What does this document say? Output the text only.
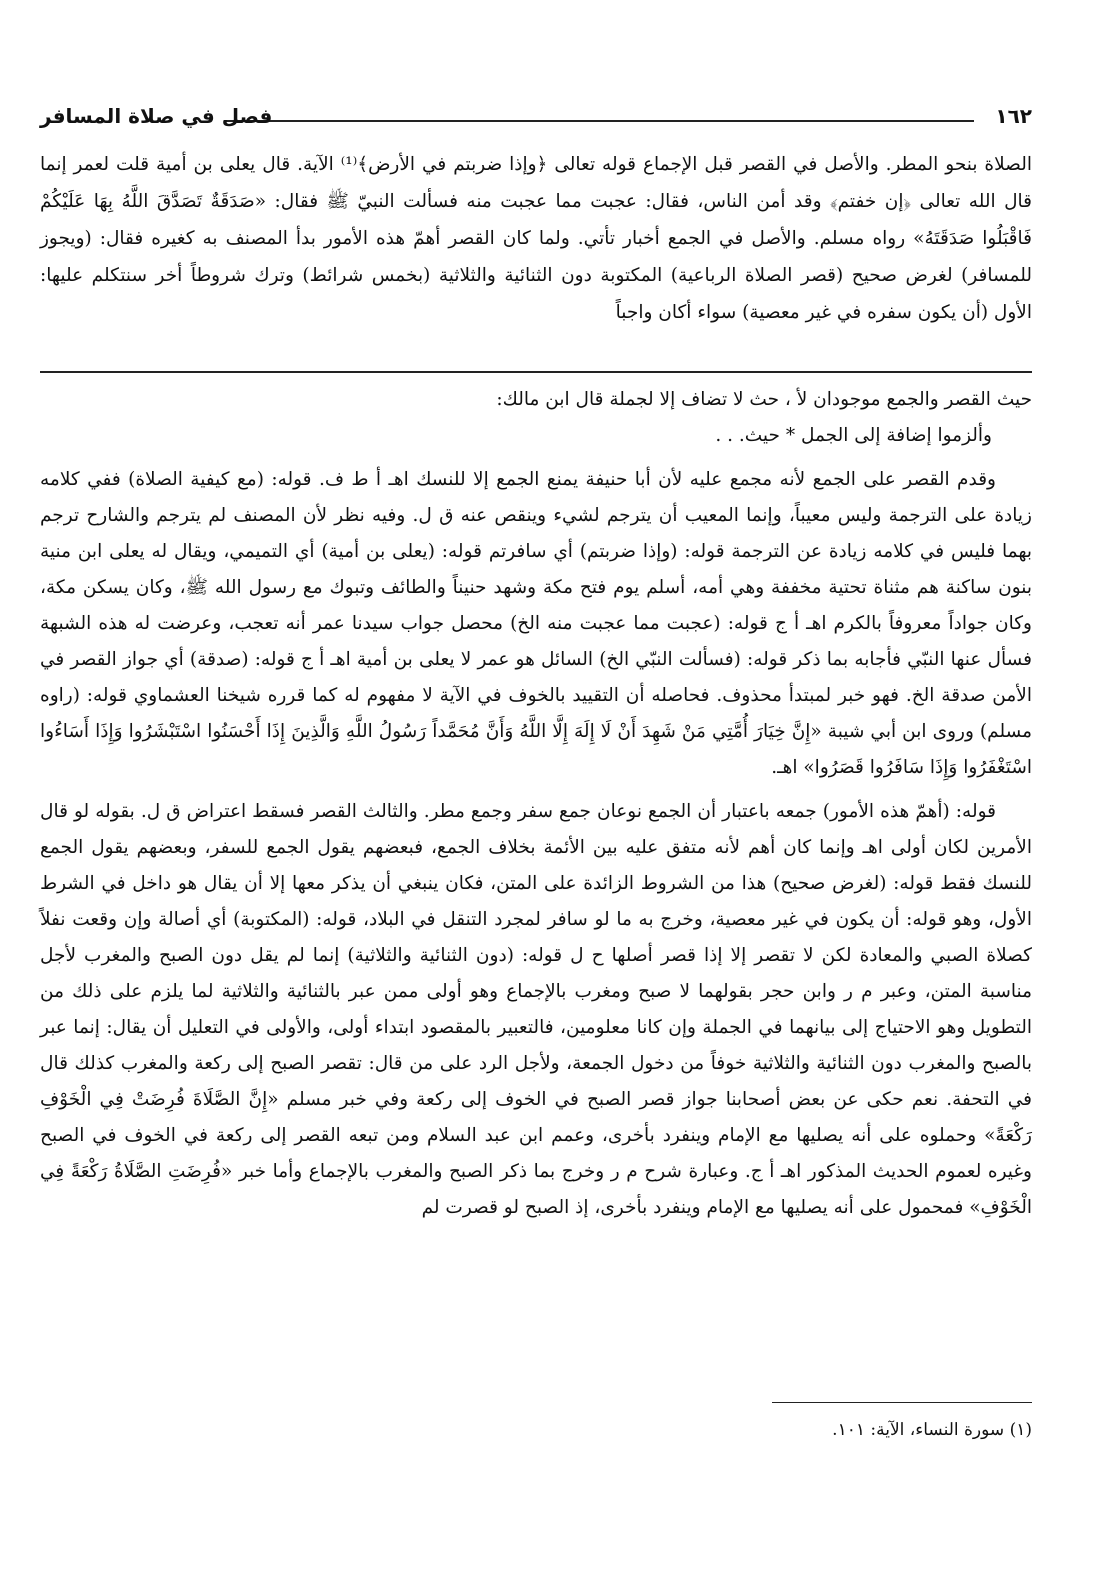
١٦٢
فصل في صلاة المسافر
الصلاة بنحو المطر. والأصل في القصر قبل الإجماع قوله تعالى ﴿وإذا ضربتم في الأرض﴾⁽¹⁾ الآية. قال يعلى بن أمية قلت لعمر إنما قال الله تعالى ﴿إن خفتم﴾ وقد أمن الناس، فقال: عجبت مما عجبت منه فسألت النبيّ ﷺ فقال: «صَدَقَةٌ تَصَدَّقَ اللَّهُ بِهَا عَلَيْكُمْ فَاقْبَلُوا صَدَقَتَهُ» رواه مسلم. والأصل في الجمع أخبار تأتي. ولما كان القصر أهمّ هذه الأمور بدأ المصنف به كغيره فقال: (ويجوز للمسافر) لغرض صحيح (قصر الصلاة الرباعية) المكتوبة دون الثنائية والثلاثية (بخمس شرائط) وترك شروطاً أخر سنتكلم عليها: الأول (أن يكون سفره في غير معصية) سواء أكان واجباً

حيث القصر والجمع موجودان لأ ، حث لا تضاف إلا لجملة قال ابن مالك:

وألزموا إضافة إلى الجمل * حيث. . .

وقدم القصر على الجمع لأنه مجمع عليه لأن أبا حنيفة يمنع الجمع إلا للنسك اهـ أ ط ف. قوله: (مع كيفية الصلاة) ففي كلامه زيادة على الترجمة وليس معيباً، وإنما المعيب أن يترجم لشيء وينقص عنه ق ل. وفيه نظر لأن المصنف لم يترجم والشارح ترجم بهما فليس في كلامه زيادة عن الترجمة قوله: (وإذا ضربتم) أي سافرتم قوله: (يعلى بن أمية) أي التميمي، ويقال له يعلى ابن منية بنون ساكنة هم مثناة تحتية مخففة وهي أمه، أسلم يوم فتح مكة وشهد حنيناً والطائف وتبوك مع رسول الله ﷺ، وكان يسكن مكة، وكان جواداً معروفاً بالكرم اهـ أ ج قوله: (عجبت مما عجبت منه الخ) محصل جواب سيدنا عمر أنه تعجب، وعرضت له هذه الشبهة فسأل عنها النبّي فأجابه بما ذكر قوله: (فسألت النبّي الخ) السائل هو عمر لا يعلى بن أمية اهـ أ ج قوله: (صدقة) أي جواز القصر في الأمن صدقة الخ. فهو خبر لمبتدأ محذوف. فحاصله أن التقييد بالخوف في الآية لا مفهوم له كما قرره شيخنا العشماوي قوله: (راوه مسلم) وروى ابن أبي شيبة «إِنَّ خِيَارَ أُمَّتِي مَنْ شَهِدَ أَنْ لَا إِلَهَ إِلَّا اللَّهُ وَأَنَّ مُحَمَّداً رَسُولُ اللَّهِ وَالَّذِينَ إِذَا أَحْسَنُوا اسْتَبْشَرُوا وَإِذَا أَسَاءُوا اسْتَغْفَرُوا وَإِذَا سَافَرُوا قَصَرُوا» اهـ.

قوله: (أهمّ هذه الأمور) جمعه باعتبار أن الجمع نوعان جمع سفر وجمع مطر. والثالث القصر فسقط اعتراض ق ل. بقوله لو قال الأمرين لكان أولى اهـ وإنما كان أهم لأنه متفق عليه بين الأئمة بخلاف الجمع، فبعضهم يقول الجمع للسفر، وبعضهم يقول الجمع للنسك فقط قوله: (لغرض صحيح) هذا من الشروط الزائدة على المتن، فكان ينبغي أن يذكر معها إلا أن يقال هو داخل في الشرط الأول، وهو قوله: أن يكون في غير معصية، وخرج به ما لو سافر لمجرد التنقل في البلاد، قوله: (المكتوبة) أي أصالة وإن وقعت نفلاً كصلاة الصبي والمعادة لكن لا تقصر إلا إذا قصر أصلها ح ل قوله: (دون الثنائية والثلاثية) إنما لم يقل دون الصبح والمغرب لأجل مناسبة المتن، وعبر م ر وابن حجر بقولهما لا صبح ومغرب بالإجماع وهو أولى ممن عبر بالثنائية والثلاثية لما يلزم على ذلك من التطويل وهو الاحتياج إلى بيانهما في الجملة وإن كانا معلومين، فالتعبير بالمقصود ابتداء أولى، والأولى في التعليل أن يقال: إنما عبر بالصبح والمغرب دون الثنائية والثلاثية خوفاً من دخول الجمعة، ولأجل الرد على من قال: تقصر الصبح إلى ركعة والمغرب كذلك قال في التحفة. نعم حكى عن بعض أصحابنا جواز قصر الصبح في الخوف إلى ركعة وفي خبر مسلم «إِنَّ الصَّلَاةَ فُرِضَتْ فِي الْخَوْفِ رَكْعَةً» وحملوه على أنه يصليها مع الإمام وينفرد بأخرى، وعمم ابن عبد السلام ومن تبعه القصر إلى ركعة في الخوف في الصبح وغيره لعموم الحديث المذكور اهـ أ ج. وعبارة شرح م ر وخرج بما ذكر الصبح والمغرب بالإجماع وأما خبر «فُرِضَتِ الصَّلَاةُ رَكْعَةً فِي الْخَوْفِ» فمحمول على أنه يصليها مع الإمام وينفرد بأخرى، إذ الصبح لو قصرت لم

(١) سورة النساء، الآية: ١٠١.
